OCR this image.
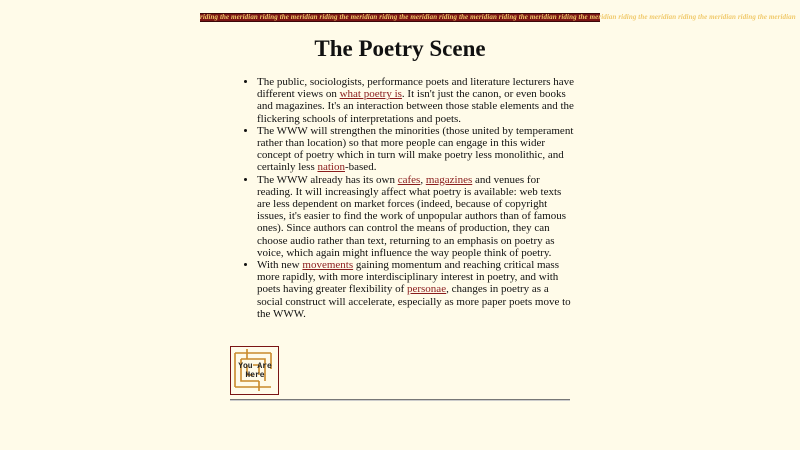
riding the meridian riding the meridian riding the meridian riding the meridian riding the meridian riding the meridian riding the meridian riding the meridian riding the meridian riding the meridian
The Poetry Scene
• The public, sociologists, performance poets and literature lecturers have different views on what poetry is. It isn't just the canon, or even books and magazines. It's an interaction between those stable elements and the flickering schools of interpretations and poets.
• The WWW will strengthen the minorities (those united by temperament rather than location) so that more people can engage in this wider concept of poetry which in turn will make poetry less monolithic, and certainly less nation-based.
• The WWW already has its own cafes, magazines and venues for reading. It will increasingly affect what poetry is available: web texts are less dependent on market forces (indeed, because of copyright issues, it's easier to find the work of unpopular authors than of famous ones). Since authors can control the means of production, they can choose audio rather than text, returning to an emphasis on poetry as voice, which again might influence the way people think of poetry.
• With new movements gaining momentum and reaching critical mass more rapidly, with more interdisciplinary interest in poetry, and with poets having greater flexibility of personae, changes in poetry as a social construct will accelerate, especially as more paper poets move to the WWW.
You Are
Here
